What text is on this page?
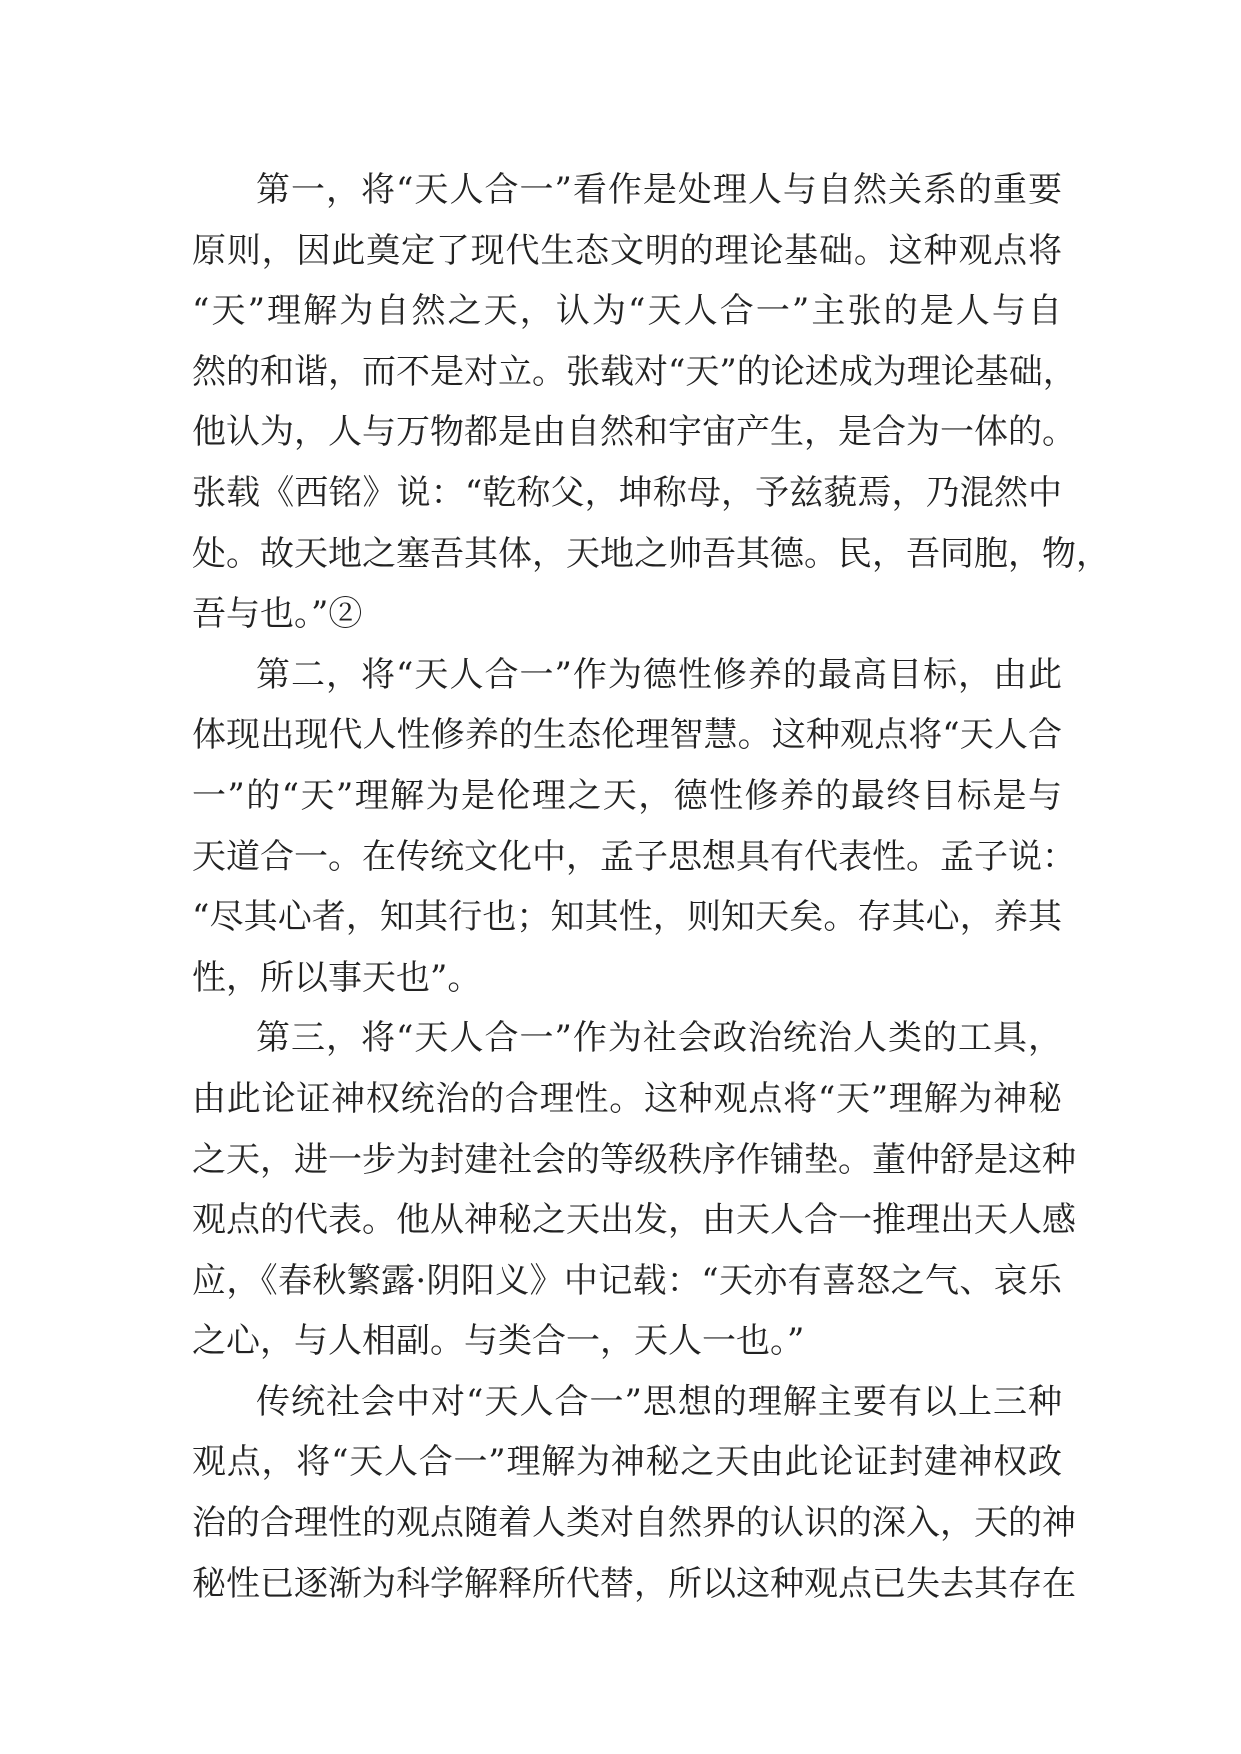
第一，将“天人合一”看作是处理人与自然关系的重要
原则，因此奠定了现代生态文明的理论基础。这种观点将
“天”理解为自然之天，认为“天人合一”主张的是人与自
然的和谐，而不是对立。张载对“天”的论述成为理论基础，
他认为，人与万物都是由自然和宇宙产生，是合为一体的。
张载《西铭》说：“乾称父，坤称母，予兹藐焉，乃混然中
处。故天地之塞吾其体，天地之帅吾其德。民，吾同胞，物，
吾与也。”②
第二，将“天人合一”作为德性修养的最高目标，由此
体现出现代人性修养的生态伦理智慧。这种观点将“天人合
一”的“天”理解为是伦理之天，德性修养的最终目标是与
天道合一。在传统文化中，孟子思想具有代表性。孟子说：
“尽其心者，知其行也；知其性，则知天矣。存其心，养其
性，所以事天也”。
第三，将“天人合一”作为社会政治统治人类的工具，
由此论证神权统治的合理性。这种观点将“天”理解为神秘
之天，进一步为封建社会的等级秩序作铺垫。董仲舒是这种
观点的代表。他从神秘之天出发，由天人合一推理出天人感
应，《春秋繁露·阴阳义》中记载：“天亦有喜怒之气、哀乐
之心，与人相副。与类合一，天人一也。”
传统社会中对“天人合一”思想的理解主要有以上三种
观点，将“天人合一”理解为神秘之天由此论证封建神权政
治的合理性的观点随着人类对自然界的认识的深入，天的神
秘性已逐渐为科学解释所代替，所以这种观点已失去其存在
